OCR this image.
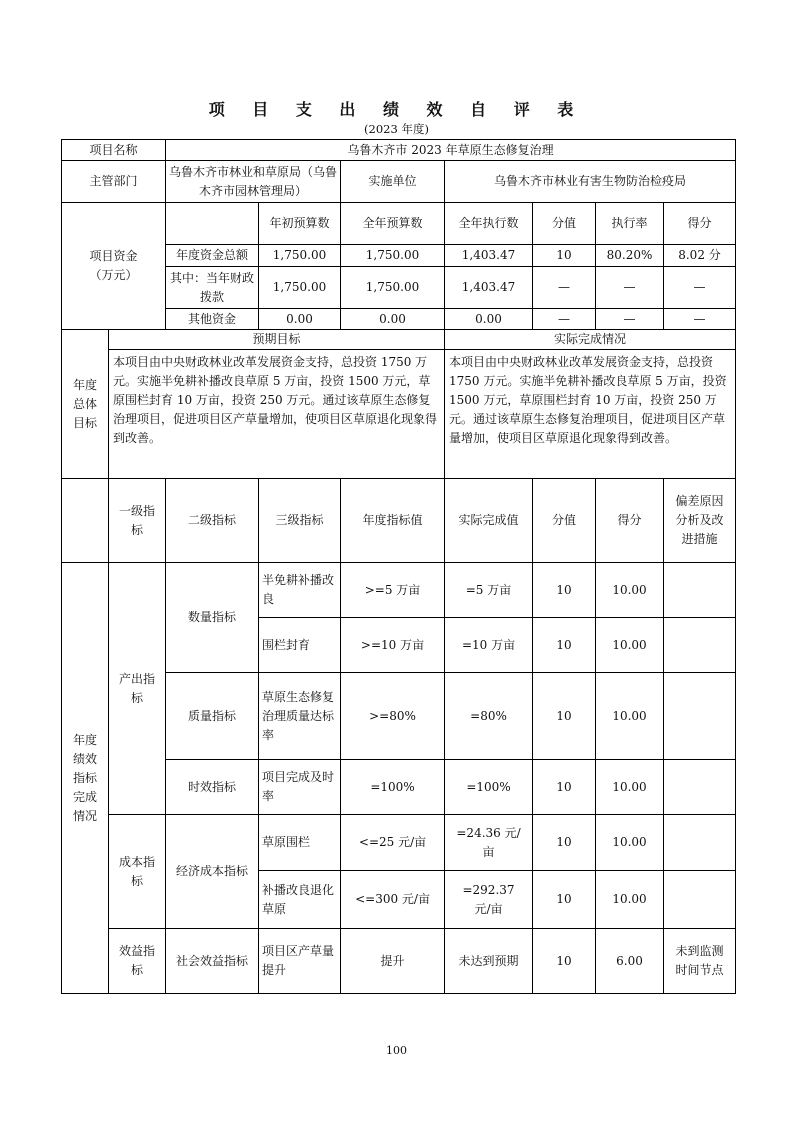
项 目 支 出 绩 效 自 评 表
(2023 年度)
项目名称		乌鲁木齐市 2023 年草原生态修复治理						
主管部门		乌鲁木齐市林业和草原局（乌鲁木齐市园林管理局）		实施单位	乌鲁木齐市林业有害生物防治检疫局			
项目资金（万元）			年初预算数	全年预算数	全年执行数	分值	执行率	得分
		年度资金总额	1,750.00	1,750.00	1,403.47	10	80.20%	8.02 分
		其中：当年财政拨款	1,750.00	1,750.00	1,403.47	—	—	—
		其他资金	0.00	0.00	0.00	—	—	—
年度总体目标	预期目标				实际完成情况			
	本项目由中央财政林业改革发展资金支持，总投资 1750 万元。实施半免耕补播改良草原 5 万亩，投资 1500 万元，草原围栏封育 10 万亩，投资 250 万元。通过该草原生态修复治理项目，促进项目区产草量增加，使项目区草原退化现象得到改善。				本项目由中央财政林业改革发展资金支持，总投资 1750 万元。实施半免耕补播改良草原 5 万亩，投资 1500 万元，草原围栏封育 10 万亩，投资 250 万元。通过该草原生态修复治理项目，促进项目区产草量增加，使项目区草原退化现象得到改善。			
	一级指标	二级指标	三级指标	年度指标值	实际完成值	分值	得分	偏差原因分析及改进措施
年度绩效指标完成情况	产出指标	数量指标	半免耕补播改良	>=5 万亩	=5 万亩	10	10.00	
			围栏封育	>=10 万亩	=10 万亩	10	10.00	
		质量指标	草原生态修复治理质量达标率	>=80%	=80%	10	10.00	
		时效指标	项目完成及时率	=100%	=100%	10	10.00	
	成本指标	经济成本指标	草原围栏	<=25 元/亩	=24.36 元/亩	10	10.00	
			补播改良退化草原	<=300 元/亩	=292.37 元/亩	10	10.00	
	效益指标	社会效益指标	项目区产草量提升	提升	未达到预期	10	6.00	未到监测时间节点
100
